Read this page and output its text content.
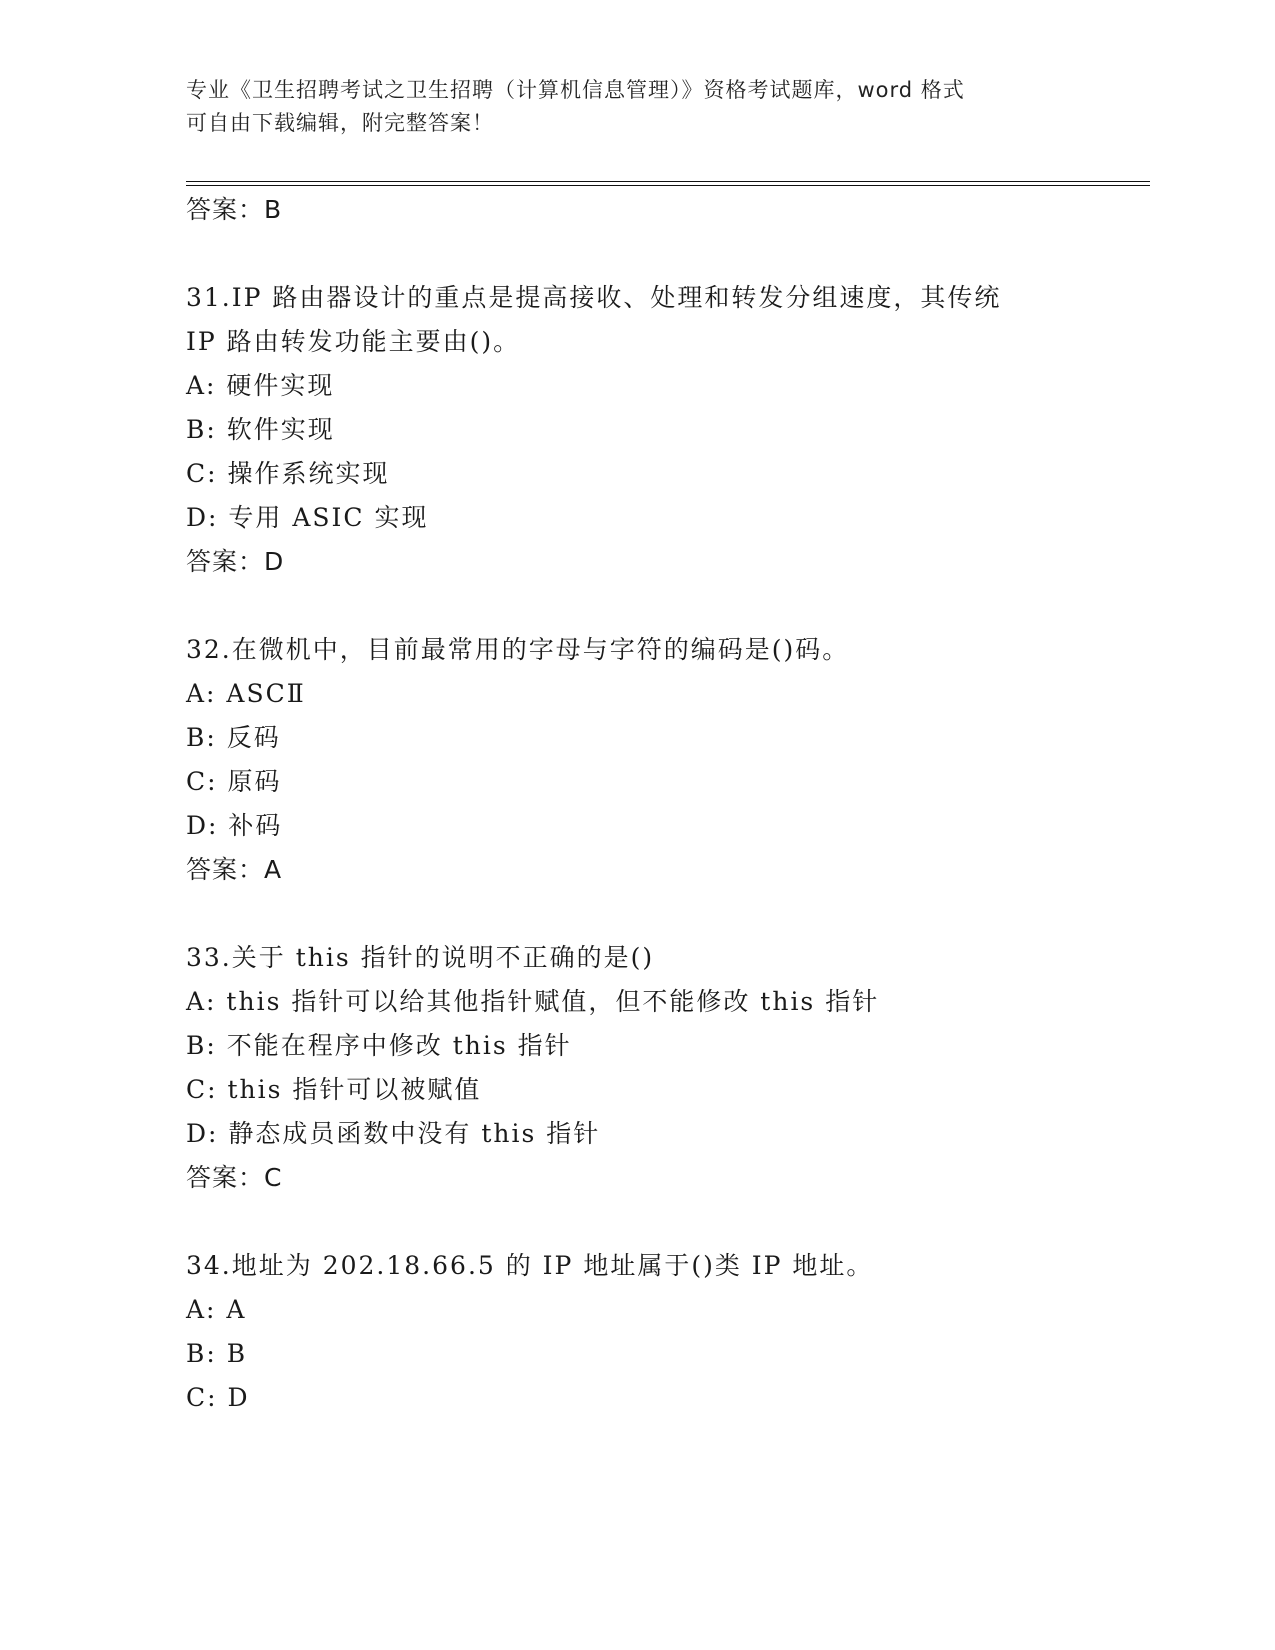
专业《卫生招聘考试之卫生招聘（计算机信息管理）》资格考试题库，word 格式
可自由下载编辑，附完整答案！
答案：B
31.IP 路由器设计的重点是提高接收、处理和转发分组速度，其传统
IP 路由转发功能主要由()。
A: 硬件实现
B: 软件实现
C: 操作系统实现
D: 专用 ASIC 实现
答案：D
32.在微机中，目前最常用的字母与字符的编码是()码。
A: ASCⅡ
B: 反码
C: 原码
D: 补码
答案：A
33.关于 this 指针的说明不正确的是()
A: this 指针可以给其他指针赋值，但不能修改 this 指针
B: 不能在程序中修改 this 指针
C: this 指针可以被赋值
D: 静态成员函数中没有 this 指针
答案：C
34.地址为 202.18.66.5 的 IP 地址属于()类 IP 地址。
A: A
B: B
C: D
